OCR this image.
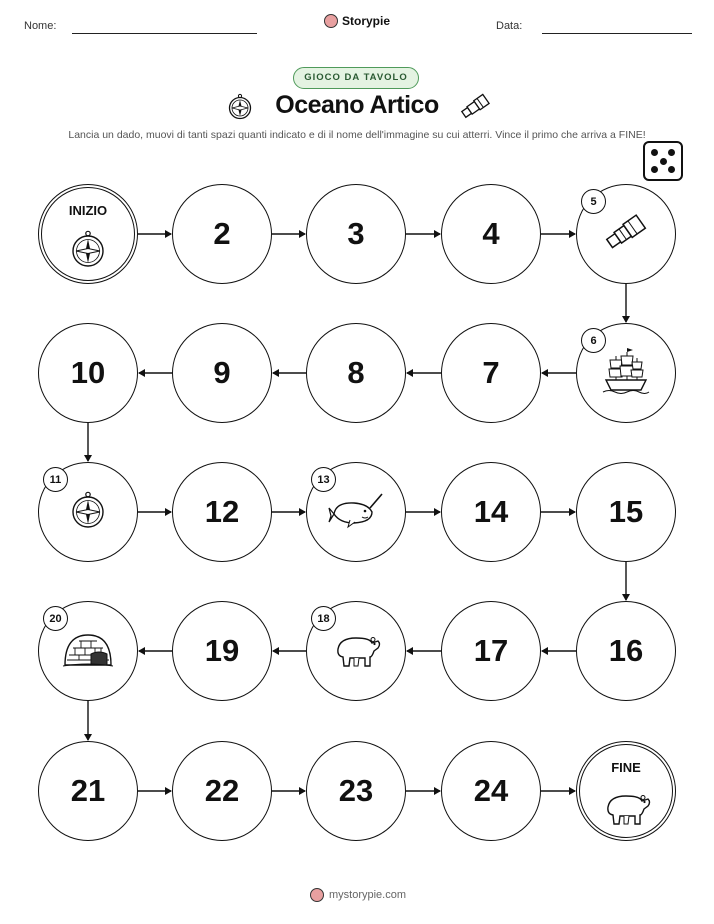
Nome:	Storypie	Data:
GIOCO DA TAVOLO
Oceano Artico
Lancia un dado, muovi di tanti spazi quanti indicato e di il nome dell'immagine su cui atterri. Vince il primo che arriva a FINE!
INIZIO
2	3	4
5
6
7
8
9
10
11
12
13
14	15
16
17
18
19
20
21	22	23	24
FINE
mystorypie.com
